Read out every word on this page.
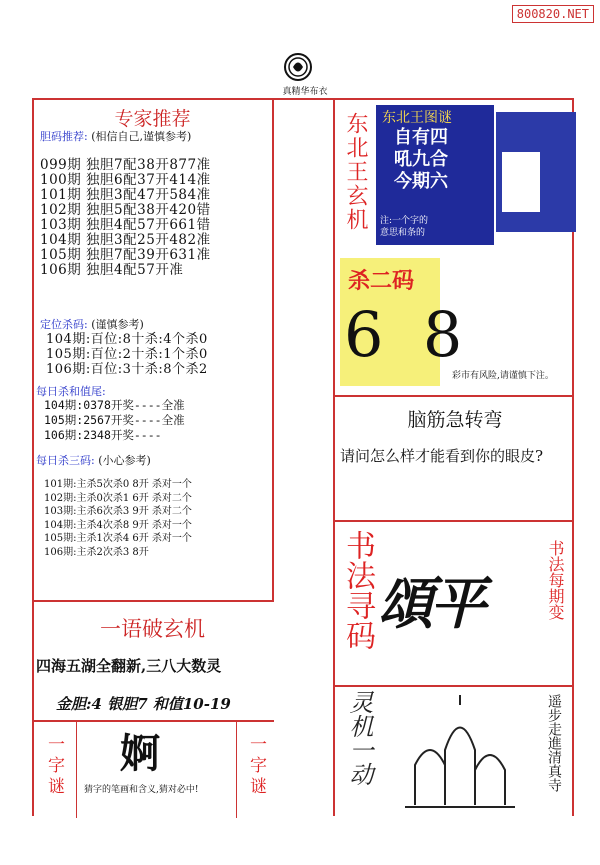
800820.NET
真精华布衣
专家推荐
胆码推荐: (相信自己,谨慎参考)
099期 独胆7配38开877准
100期 独胆6配37开414准
101期 独胆3配47开584准
102期 独胆5配38开420错
103期 独胆4配57开661错
104期 独胆3配25开482准
105期 独胆7配39开631准
106期 独胆4配57开准
定位杀码: (谨慎参考)
104期:百位:8十杀:4个杀0
105期:百位:2十杀:1个杀0
106期:百位:3十杀:8个杀2
每日杀和值尾:
104期:0378开奖----全准
105期:2567开奖----全准
106期:2348开奖----
每日杀三码: (小心参考)
101期:主杀5次杀0 8开 杀对一个
102期:主杀0次杀1 6开 杀对二个
103期:主杀6次杀3 9开 杀对二个
104期:主杀4次杀8 9开 杀对一个
105期:主杀1次杀4 6开 杀对一个
106期:主杀2次杀3 8开
一语破玄机
四海五湖全翻新,三八大数灵
金胆:4 银胆7 和值10-19
一字谜 婀
猜字的笔画和含义,猜对必中!	一字谜
东北王玄机 东北王图谜
自有四
吼九合
今期六
注:一个字的
意思和条的
杀二码
6  8
彩市有风险,请谨慎下注。
脑筋急转弯
请问怎么样才能看到你的眼皮?
书法寻码 頌平	书法每期变
灵机一动	遥步走進清真寺
